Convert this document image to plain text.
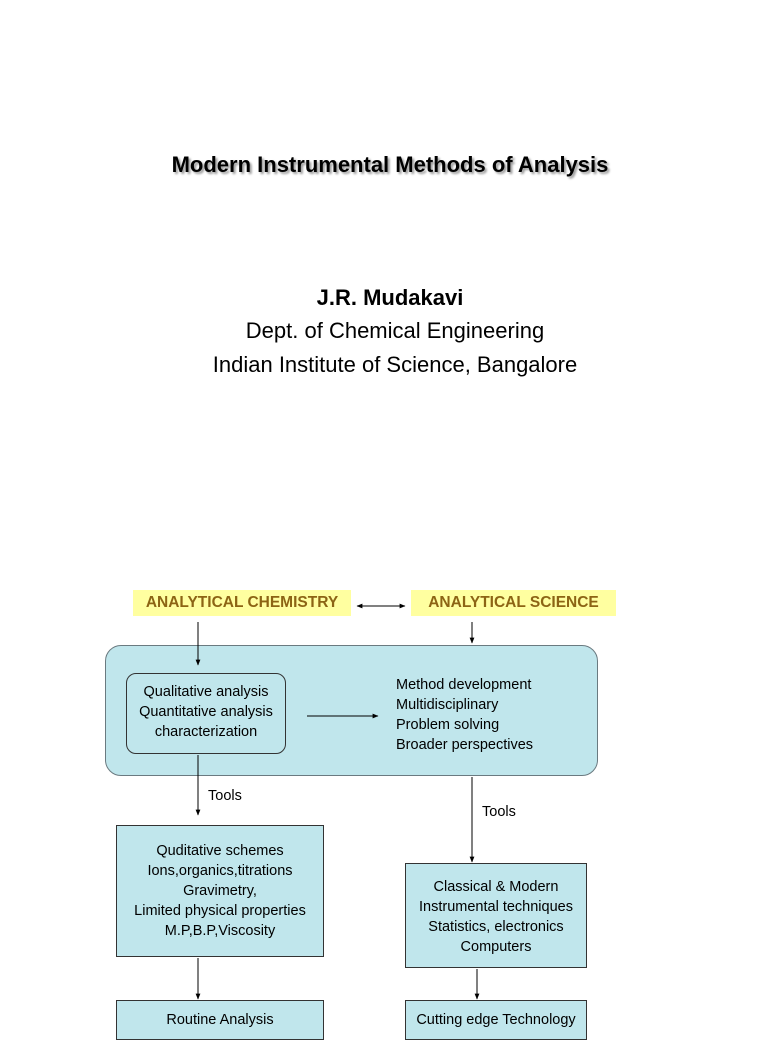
Modern Instrumental Methods of Analysis
J.R. Mudakavi
Dept. of Chemical Engineering
Indian Institute of Science, Bangalore
ANALYTICAL CHEMISTRY	ANALYTICAL SCIENCE
Qualitative analysis
Quantitative analysis
characterization
Method development
Multidisciplinary
Problem solving
Broader perspectives
Tools
Tools
Quditative schemes
Ions,organics,titrations
Gravimetry,
Limited physical properties
M.P,B.P,Viscosity
Classical & Modern
Instrumental techniques
Statistics, electronics
Computers
Routine Analysis	Cutting edge Technology
